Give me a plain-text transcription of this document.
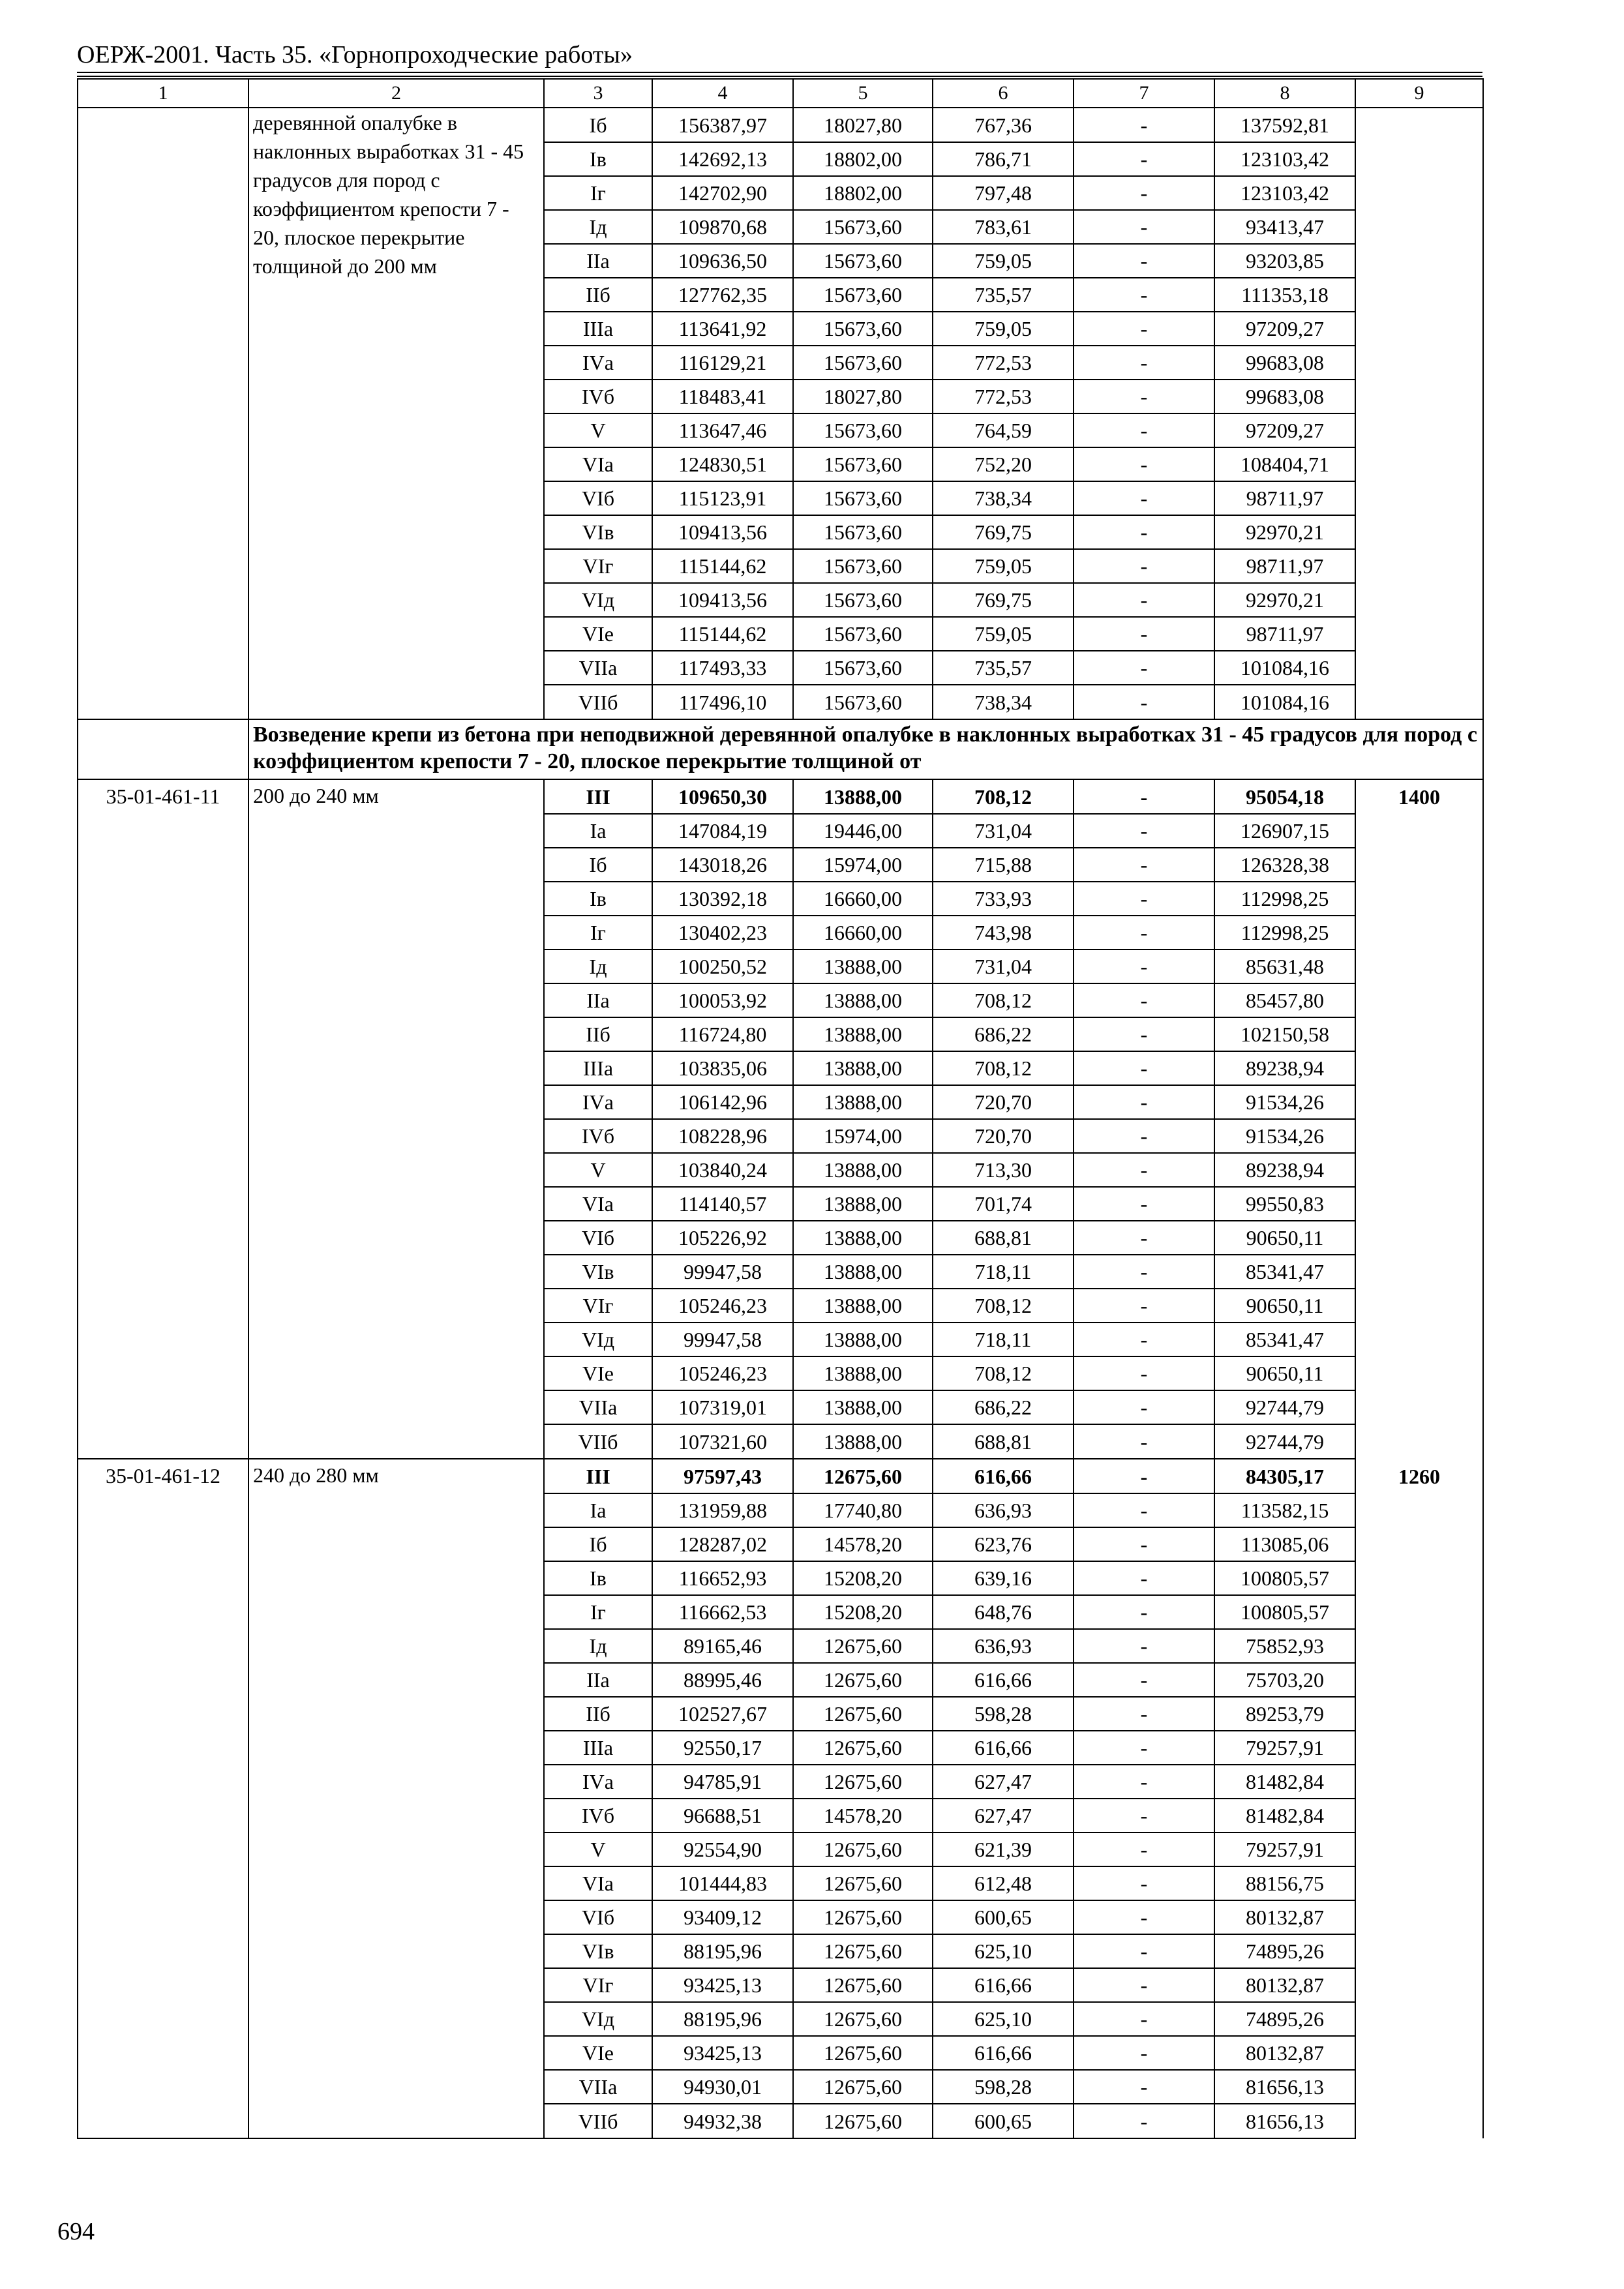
ОЕРЖ-2001. Часть 35. «Горнопроходческие работы»
1	2	3	4	5	6	7	8	9

	деревянной опалубке в наклонных выработках 31 - 45 градусов для пород с коэффициентом крепости 7 - 20, плоское перекрытие толщиной до 200 мм	Iб	156387,97	18027,80	767,36	-	137592,81	
		Iв	142692,13	18802,00	786,71	-	123103,42	
		Iг	142702,90	18802,00	797,48	-	123103,42	
		Iд	109870,68	15673,60	783,61	-	93413,47	
		IIа	109636,50	15673,60	759,05	-	93203,85	
		IIб	127762,35	15673,60	735,57	-	111353,18	
		IIIа	113641,92	15673,60	759,05	-	97209,27	
		IVа	116129,21	15673,60	772,53	-	99683,08	
		IVб	118483,41	18027,80	772,53	-	99683,08	
		V	113647,46	15673,60	764,59	-	97209,27	
		VIа	124830,51	15673,60	752,20	-	108404,71	
		VIб	115123,91	15673,60	738,34	-	98711,97	
		VIв	109413,56	15673,60	769,75	-	92970,21	
		VIг	115144,62	15673,60	759,05	-	98711,97	
		VIд	109413,56	15673,60	769,75	-	92970,21	
		VIе	115144,62	15673,60	759,05	-	98711,97	
		VIIа	117493,33	15673,60	735,57	-	101084,16	
		VIIб	117496,10	15673,60	738,34	-	101084,16	
	Возведение крепи из бетона при неподвижной деревянной опалубке в наклонных выработках 31 - 45 градусов для пород с коэффициентом крепости 7 - 20, плоское перекрытие толщиной от							
35-01-461-11	200 до 240 мм	III	109650,30	13888,00	708,12	-	95054,18	1400
		Iа	147084,19	19446,00	731,04	-	126907,15	
		Iб	143018,26	15974,00	715,88	-	126328,38	
		Iв	130392,18	16660,00	733,93	-	112998,25	
		Iг	130402,23	16660,00	743,98	-	112998,25	
		Iд	100250,52	13888,00	731,04	-	85631,48	
		IIа	100053,92	13888,00	708,12	-	85457,80	
		IIб	116724,80	13888,00	686,22	-	102150,58	
		IIIа	103835,06	13888,00	708,12	-	89238,94	
		IVа	106142,96	13888,00	720,70	-	91534,26	
		IVб	108228,96	15974,00	720,70	-	91534,26	
		V	103840,24	13888,00	713,30	-	89238,94	
		VIа	114140,57	13888,00	701,74	-	99550,83	
		VIб	105226,92	13888,00	688,81	-	90650,11	
		VIв	99947,58	13888,00	718,11	-	85341,47	
		VIг	105246,23	13888,00	708,12	-	90650,11	
		VIд	99947,58	13888,00	718,11	-	85341,47	
		VIе	105246,23	13888,00	708,12	-	90650,11	
		VIIа	107319,01	13888,00	686,22	-	92744,79	
		VIIб	107321,60	13888,00	688,81	-	92744,79	
35-01-461-12	240 до 280 мм	III	97597,43	12675,60	616,66	-	84305,17	1260
		Iа	131959,88	17740,80	636,93	-	113582,15	
		Iб	128287,02	14578,20	623,76	-	113085,06	
		Iв	116652,93	15208,20	639,16	-	100805,57	
		Iг	116662,53	15208,20	648,76	-	100805,57	
		Iд	89165,46	12675,60	636,93	-	75852,93	
		IIа	88995,46	12675,60	616,66	-	75703,20	
		IIб	102527,67	12675,60	598,28	-	89253,79	
		IIIа	92550,17	12675,60	616,66	-	79257,91	
		IVа	94785,91	12675,60	627,47	-	81482,84	
		IVб	96688,51	14578,20	627,47	-	81482,84	
		V	92554,90	12675,60	621,39	-	79257,91	
		VIа	101444,83	12675,60	612,48	-	88156,75	
		VIб	93409,12	12675,60	600,65	-	80132,87	
		VIв	88195,96	12675,60	625,10	-	74895,26	
		VIг	93425,13	12675,60	616,66	-	80132,87	
		VIд	88195,96	12675,60	625,10	-	74895,26	
		VIе	93425,13	12675,60	616,66	-	80132,87	
		VIIа	94930,01	12675,60	598,28	-	81656,13	
		VIIб	94932,38	12675,60	600,65	-	81656,13	
694
